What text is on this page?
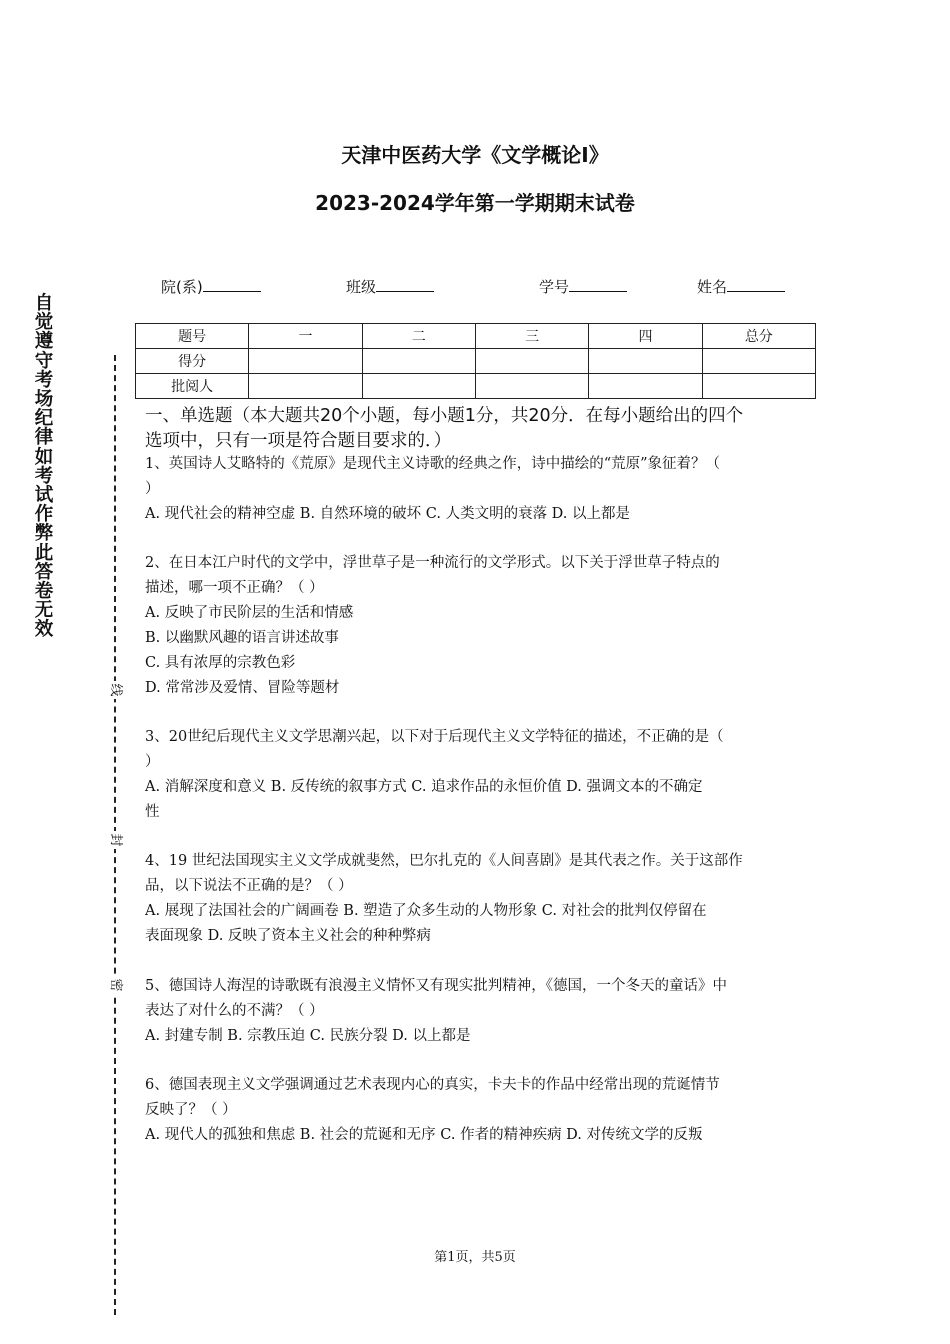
天津中医药大学《文学概论Ⅰ》
2023-2024学年第一学期期末试卷
院(系)	班级	学号	姓名
题号	一	二	三	四	总分
得分					
批阅人					
一、单选题（本大题共20个小题，每小题1分，共20分．在每小题给出的四个
选项中，只有一项是符合题目要求的．）
1、英国诗人艾略特的《荒原》是现代主义诗歌的经典之作，诗中描绘的“荒原”象征着？（
）
A. 现代社会的精神空虚 B. 自然环境的破坏 C. 人类文明的衰落 D. 以上都是
2、在日本江户时代的文学中，浮世草子是一种流行的文学形式。以下关于浮世草子特点的
描述，哪一项不正确？（ ）
A. 反映了市民阶层的生活和情感
B. 以幽默风趣的语言讲述故事
C. 具有浓厚的宗教色彩
D. 常常涉及爱情、冒险等题材
3、20世纪后现代主义文学思潮兴起，以下对于后现代主义文学特征的描述，不正确的是（
）
A. 消解深度和意义 B. 反传统的叙事方式 C. 追求作品的永恒价值 D. 强调文本的不确定
性
4、19 世纪法国现实主义文学成就斐然，巴尔扎克的《人间喜剧》是其代表之作。关于这部作
品，以下说法不正确的是？（ ）
A. 展现了法国社会的广阔画卷 B. 塑造了众多生动的人物形象 C. 对社会的批判仅停留在
表面现象 D. 反映了资本主义社会的种种弊病
5、德国诗人海涅的诗歌既有浪漫主义情怀又有现实批判精神，《德国，一个冬天的童话》中
表达了对什么的不满？（ ）
A. 封建专制 B. 宗教压迫 C. 民族分裂 D. 以上都是
6、德国表现主义文学强调通过艺术表现内心的真实，卡夫卡的作品中经常出现的荒诞情节
反映了？（ ）
A. 现代人的孤独和焦虑 B. 社会的荒诞和无序 C. 作者的精神疾病 D. 对传统文学的反叛
自觉遵守考场纪律如考试作弊此答卷无效
线
封
密
第1页，共5页
